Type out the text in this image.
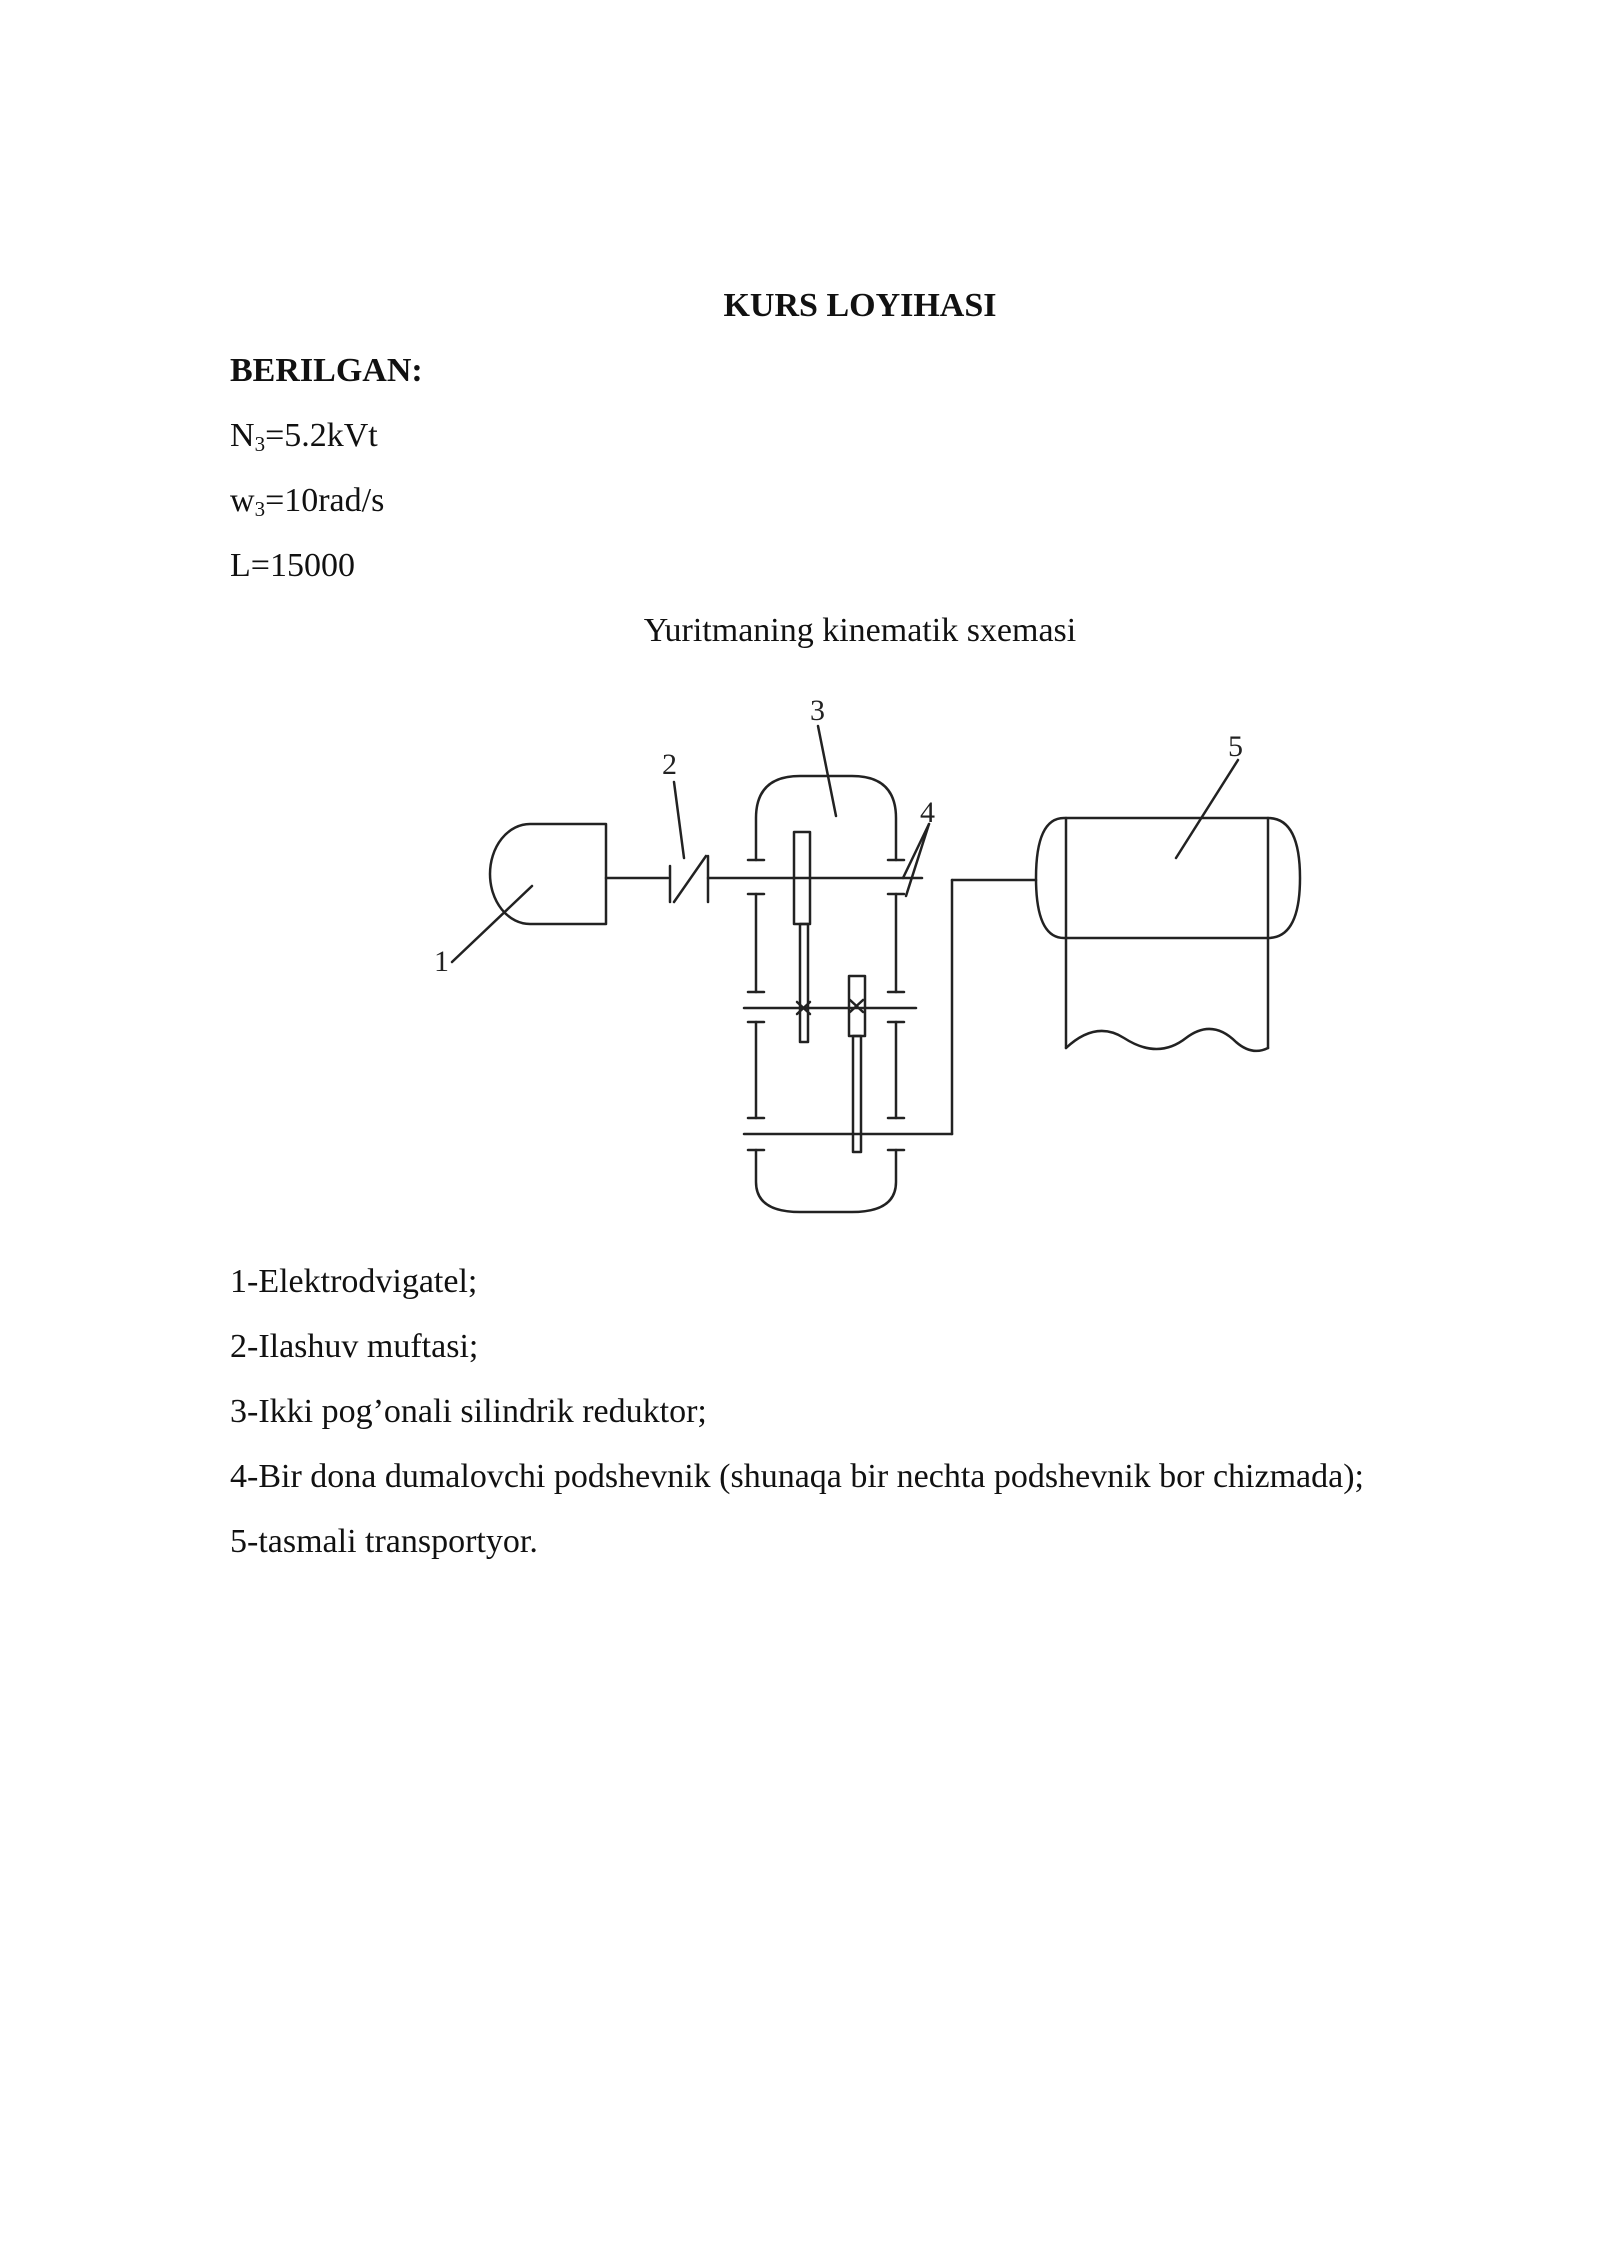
KURS LOYIHASI
BERILGAN:
$N_3=5.2kVt$
$w_3=10rad/s$
L=15000
Yuritmaning kinematik sxemasi
1
2
3
4
5
1-Elektrodvigatel;
2-Ilashuv muftasi;
3-Ikki pog’onali silindrik reduktor;
4-Bir dona dumalovchi podshevnik (shunaqa bir nechta podshevnik bor chizmada);
5-tasmali transportyor.
